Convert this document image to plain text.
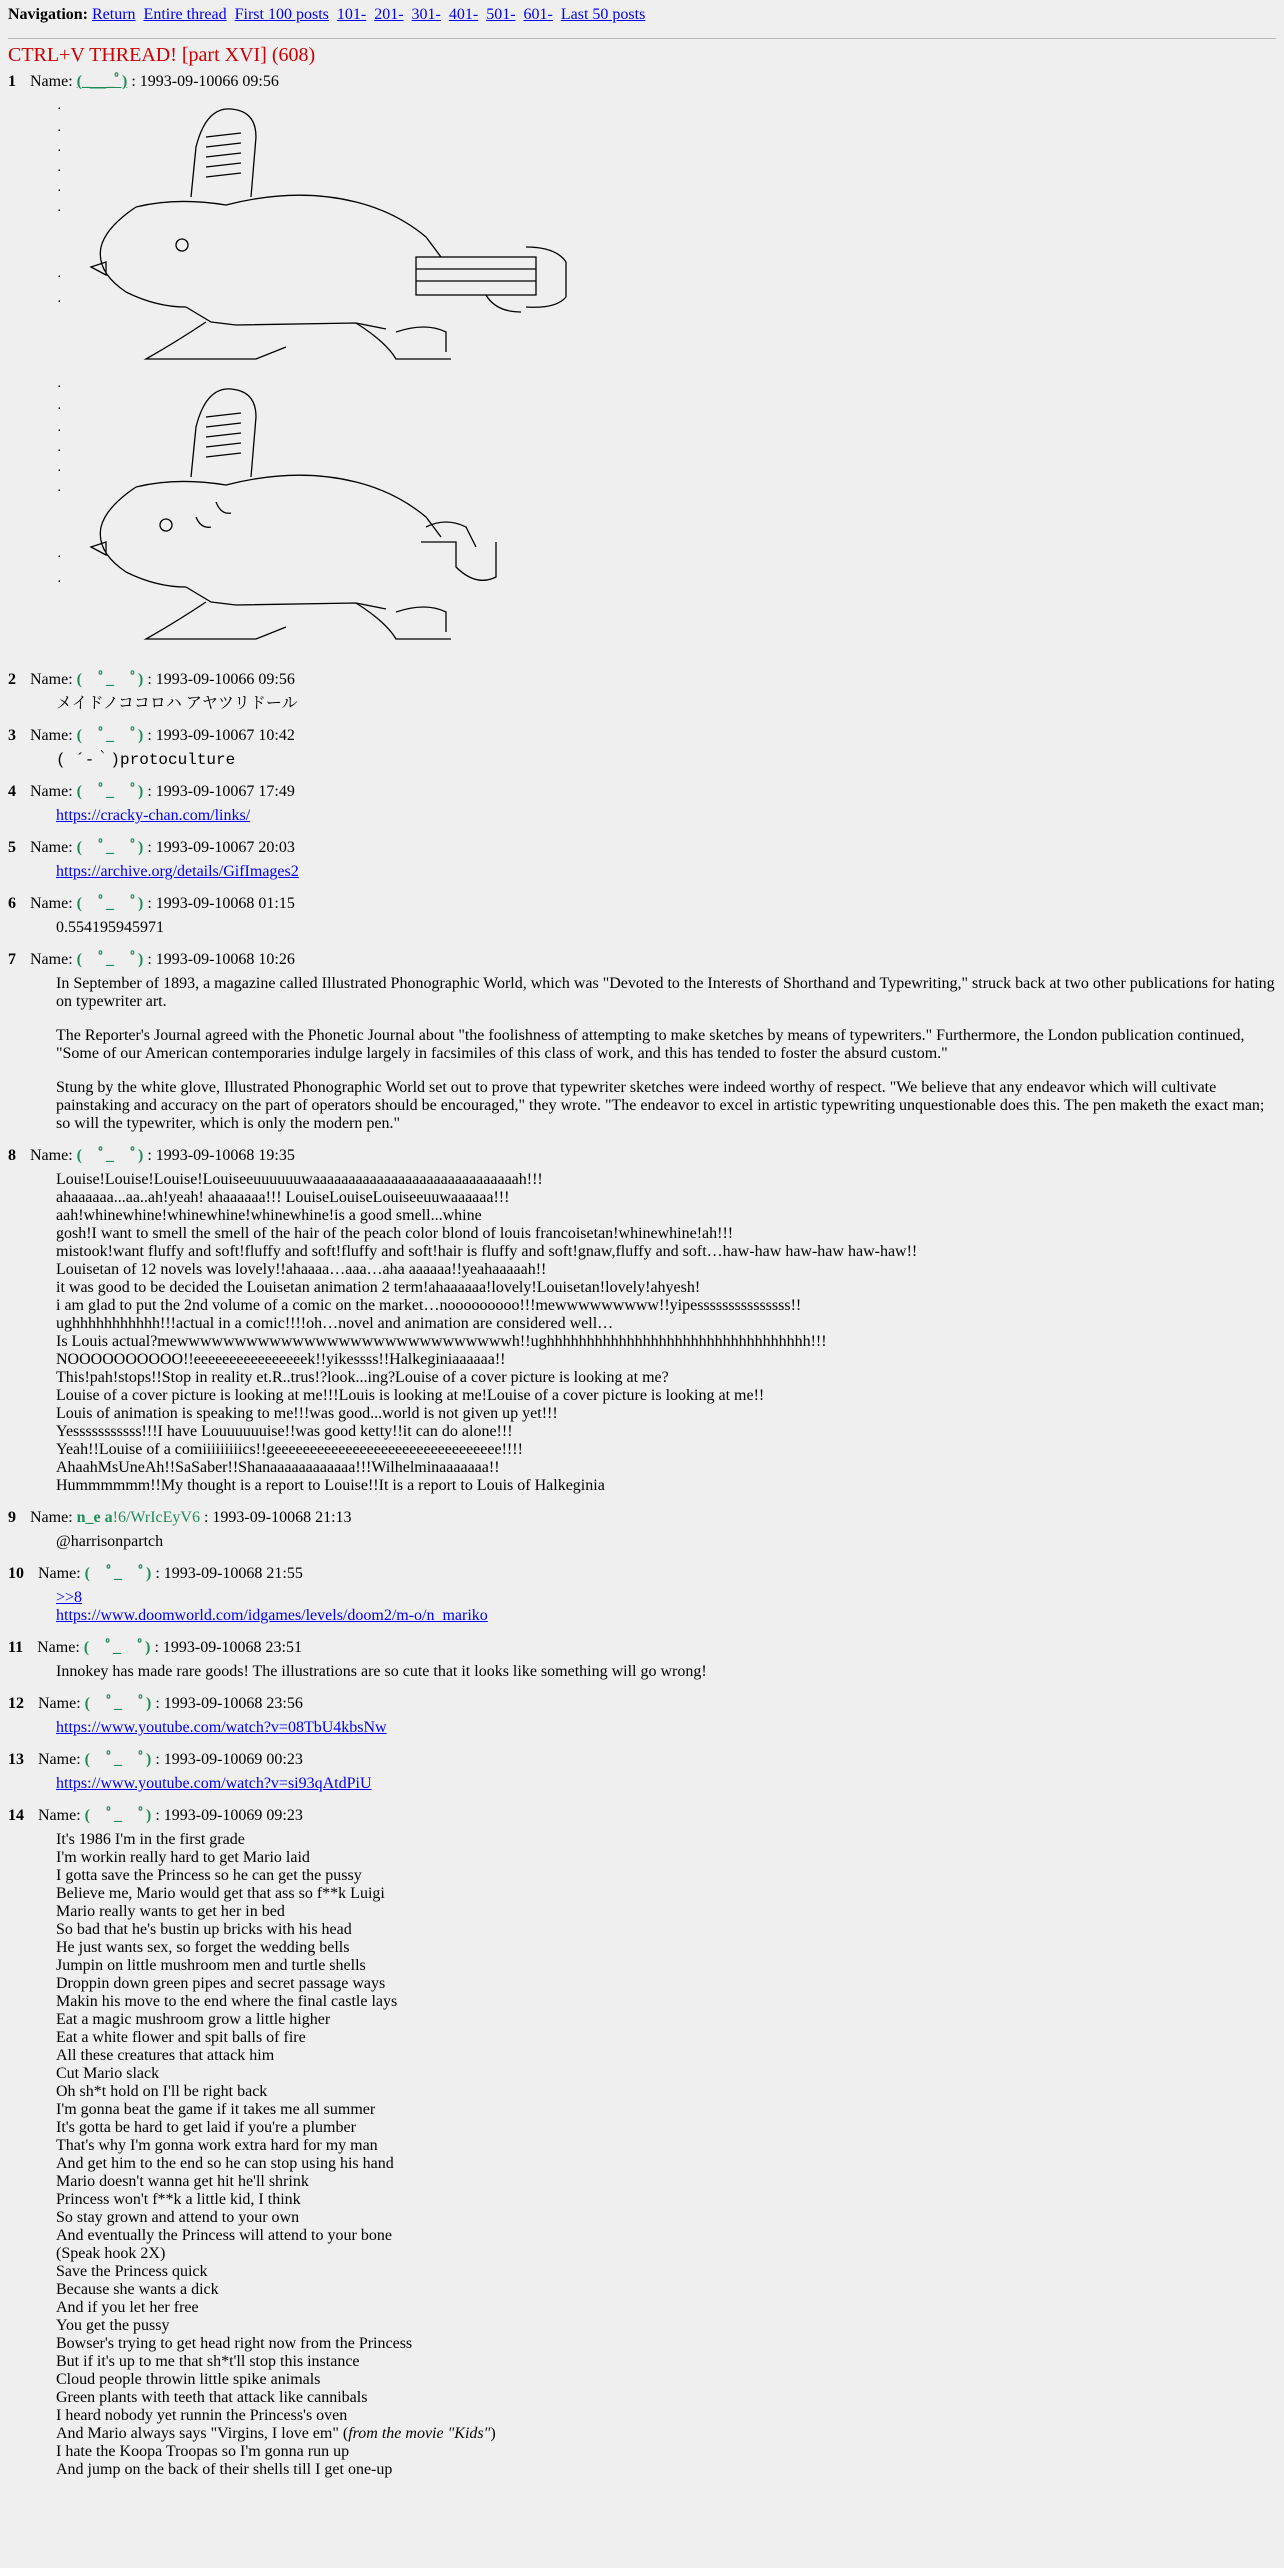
Navigation: Return Entire thread First 100 posts 101- 201- 301- 401- 501- 601- Last 50 posts
CTRL+V THREAD! [part XVI] (608)
1 Name: (_＿_ﾟ) : 1993-09-10066 09:56
.
.
.
.
.
.
.
.
.
.
.
.
.
.
.
.
2 Name: (　ﾟ_　ﾟ) : 1993-09-10066 09:56
メイドノココロハ アヤツリドール
3 Name: (　ﾟ_　ﾟ) : 1993-09-10067 10:42
( ´-｀)protoculture
4 Name: (　ﾟ_　ﾟ) : 1993-09-10067 17:49
https://cracky-chan.com/links/
5 Name: (　ﾟ_　ﾟ) : 1993-09-10067 20:03
https://archive.org/details/GifImages2
6 Name: (　ﾟ_　ﾟ) : 1993-09-10068 01:15
0.554195945971
7 Name: (　ﾟ_　ﾟ) : 1993-09-10068 10:26

In September of 1893, a magazine called Illustrated Phonographic World, which was "Devoted to the Interests of Shorthand and Typewriting," struck back at two other publications for hating on typewriter art.

The Reporter's Journal agreed with the Phonetic Journal about "the foolishness of attempting to make sketches by means of typewriters." Furthermore, the London publication continued, "Some of our American contemporaries indulge largely in facsimiles of this class of work, and this has tended to foster the absurd custom."

Stung by the white glove, Illustrated Phonographic World set out to prove that typewriter sketches were indeed worthy of respect. "We believe that any endeavor which will cultivate painstaking and accuracy on the part of operators should be encouraged," they wrote. "The endeavor to excel in artistic typewriting unquestionable does this. The pen maketh the exact man; so will the typewriter, which is only the modern pen."

8 Name: (　ﾟ_　ﾟ) : 1993-09-10068 19:35
Louise!Louise!Louise!Louiseeuuuuuuwaaaaaaaaaaaaaaaaaaaaaaaaaaaaah!!!
ahaaaaaa...aa..ah!yeah! ahaaaaaa!!! LouiseLouiseLouiseeuuwaaaaaa!!!
aah!whinewhine!whinewhine!whinewhine!is a good smell...whine
gosh!I want to smell the smell of the hair of the peach color blond of louis francoisetan!whinewhine!ah!!!
mistook!want fluffy and soft!fluffy and soft!fluffy and soft!hair is fluffy and soft!gnaw,fluffy and soft…haw-haw haw-haw haw-haw!!
Louisetan of 12 novels was lovely!!ahaaaa…aaa…aha aaaaaa!!yeahaaaaah!!
it was good to be decided the Louisetan animation 2 term!ahaaaaaa!lovely!Louisetan!lovely!ahyesh!
i am glad to put the 2nd volume of a comic on the market…nooooooooo!!!mewwwwwwwww!!yipesssssssssssssss!!
ughhhhhhhhhhh!!!actual in a comic!!!!oh…novel and animation are considered well…
Is Louis actual?mewwwwwwwwwwwwwwwwwwwwwwwwwwwwwh!!ughhhhhhhhhhhhhhhhhhhhhhhhhhhhhhhhh!!!
NOOOOOOOOOO!!eeeeeeeeeeeeeeeek!!yikessss!!Halkeginiaaaaaa!!
This!pah!stops!!Stop in reality et.R..trus!?look...ing?Louise of a cover picture is looking at me?
Louise of a cover picture is looking at me!!!Louis is looking at me!Louise of a cover picture is looking at me!!
Louis of animation is speaking to me!!!was good...world is not given up yet!!!
Yesssssssssss!!!I have Louuuuuuise!!was good ketty!!it can do alone!!!
Yeah!!Louise of a comiiiiiiiiics!!geeeeeeeeeeeeeeeeeeeeeeeeeeeeeeee!!!!
AhaahMsUneAh!!SaSaber!!Shanaaaaaaaaaaaa!!!Wilhelminaaaaaaa!!
Hummmmmm!!My thought is a report to Louise!!It is a report to Louis of Halkeginia
9 Name: n_e a!6/WrIcEyV6 : 1993-09-10068 21:13
@harrisonpartch
10 Name: (　ﾟ_　ﾟ) : 1993-09-10068 21:55
>>8
https://www.doomworld.com/idgames/levels/doom2/m-o/n_mariko
11 Name: (　ﾟ_　ﾟ) : 1993-09-10068 23:51
Innokey has made rare goods! The illustrations are so cute that it looks like something will go wrong!
12 Name: (　ﾟ_　ﾟ) : 1993-09-10068 23:56
https://www.youtube.com/watch?v=08TbU4kbsNw
13 Name: (　ﾟ_　ﾟ) : 1993-09-10069 00:23
https://www.youtube.com/watch?v=si93qAtdPiU
14 Name: (　ﾟ_　ﾟ) : 1993-09-10069 09:23
It's 1986 I'm in the first grade
I'm workin really hard to get Mario laid
I gotta save the Princess so he can get the pussy
Believe me, Mario would get that ass so f**k Luigi
Mario really wants to get her in bed
So bad that he's bustin up bricks with his head
He just wants sex, so forget the wedding bells
Jumpin on little mushroom men and turtle shells
Droppin down green pipes and secret passage ways
Makin his move to the end where the final castle lays
Eat a magic mushroom grow a little higher
Eat a white flower and spit balls of fire
All these creatures that attack him
Cut Mario slack
Oh sh*t hold on I'll be right back
I'm gonna beat the game if it takes me all summer
It's gotta be hard to get laid if you're a plumber
That's why I'm gonna work extra hard for my man
And get him to the end so he can stop using his hand
Mario doesn't wanna get hit he'll shrink
Princess won't f**k a little kid, I think
So stay grown and attend to your own
And eventually the Princess will attend to your bone
(Speak hook 2X)
Save the Princess quick
Because she wants a dick
And if you let her free
You get the pussy
Bowser's trying to get head right now from the Princess
But if it's up to me that sh*t'll stop this instance
Cloud people throwin little spike animals
Green plants with teeth that attack like cannibals
I heard nobody yet runnin the Princess's oven
And Mario always says "Virgins, I love em" (from the movie "Kids")
I hate the Koopa Troopas so I'm gonna run up
And jump on the back of their shells till I get one-up
